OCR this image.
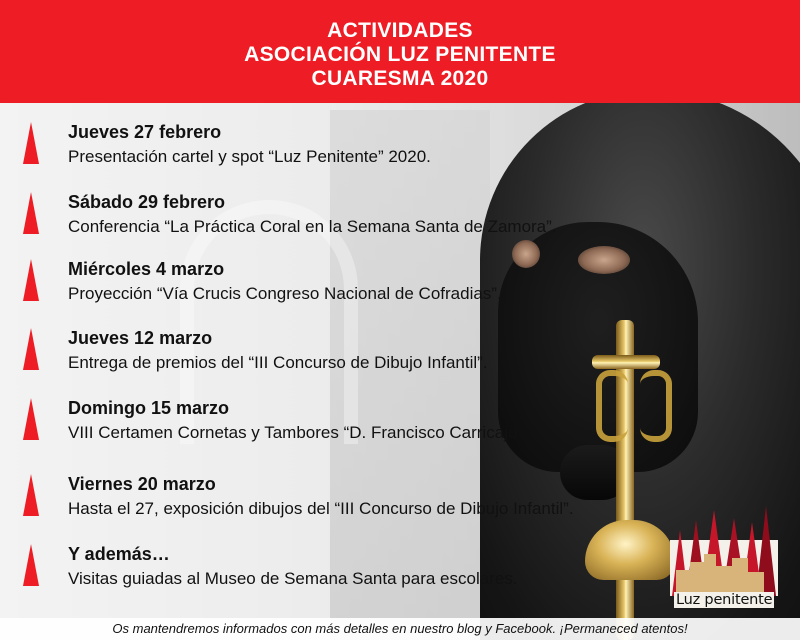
ACTIVIDADES
ASOCIACIÓN LUZ PENITENTE
CUARESMA 2020
Jueves 27 febrero
Presentación cartel y spot “Luz Penitente” 2020.
Sábado 29 febrero
Conferencia “La Práctica Coral en la Semana Santa de Zamora”.
Miércoles 4 marzo
Proyección “Vía Crucis Congreso Nacional de Cofradias”.
Jueves 12 marzo
Entrega de premios del “III Concurso de Dibujo Infantil”.
Domingo 15 marzo
VIII Certamen Cornetas y Tambores “D. Francisco Carricajo”.
Viernes 20 marzo
Hasta el 27, exposición dibujos del “III Concurso de Dibujo Infantil”.
Y además…
Visitas guiadas al Museo de Semana Santa para escolares.
Luz penitente
Os mantendremos informados con más detalles en nuestro blog y Facebook. ¡Permaneced atentos!
